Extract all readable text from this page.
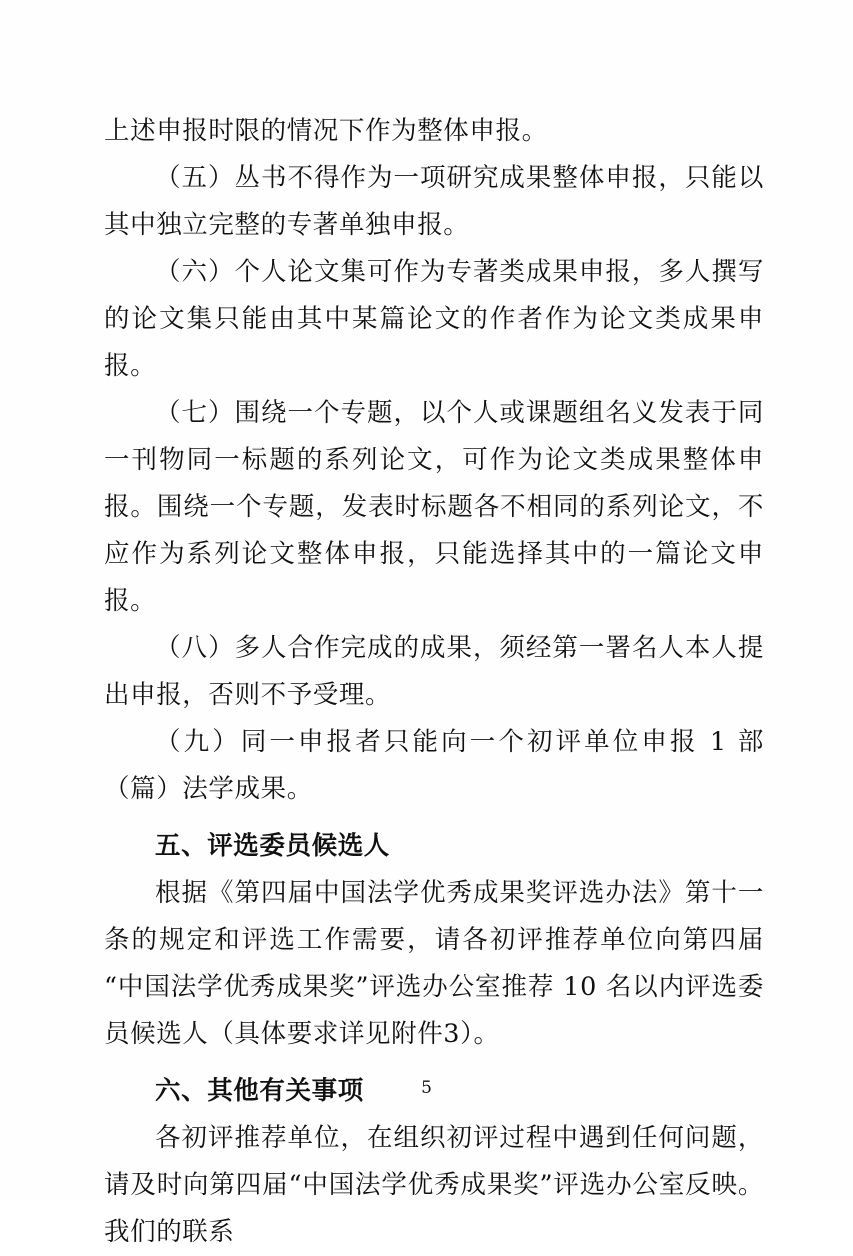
上述申报时限的情况下作为整体申报。

（五）丛书不得作为一项研究成果整体申报，只能以其中独立完整的专著单独申报。

（六）个人论文集可作为专著类成果申报，多人撰写的论文集只能由其中某篇论文的作者作为论文类成果申报。

（七）围绕一个专题，以个人或课题组名义发表于同一刊物同一标题的系列论文，可作为论文类成果整体申报。围绕一个专题，发表时标题各不相同的系列论文，不应作为系列论文整体申报，只能选择其中的一篇论文申报。

（八）多人合作完成的成果，须经第一署名人本人提出申报，否则不予受理。

（九）同一申报者只能向一个初评单位申报 1 部（篇）法学成果。

五、评选委员候选人

根据《第四届中国法学优秀成果奖评选办法》第十一条的规定和评选工作需要，请各初评推荐单位向第四届“中国法学优秀成果奖”评选办公室推荐 10 名以内评选委员候选人（具体要求详见附件3）。

六、其他有关事项

各初评推荐单位，在组织初评过程中遇到任何问题，请及时向第四届“中国法学优秀成果奖”评选办公室反映。我们的联系

5
